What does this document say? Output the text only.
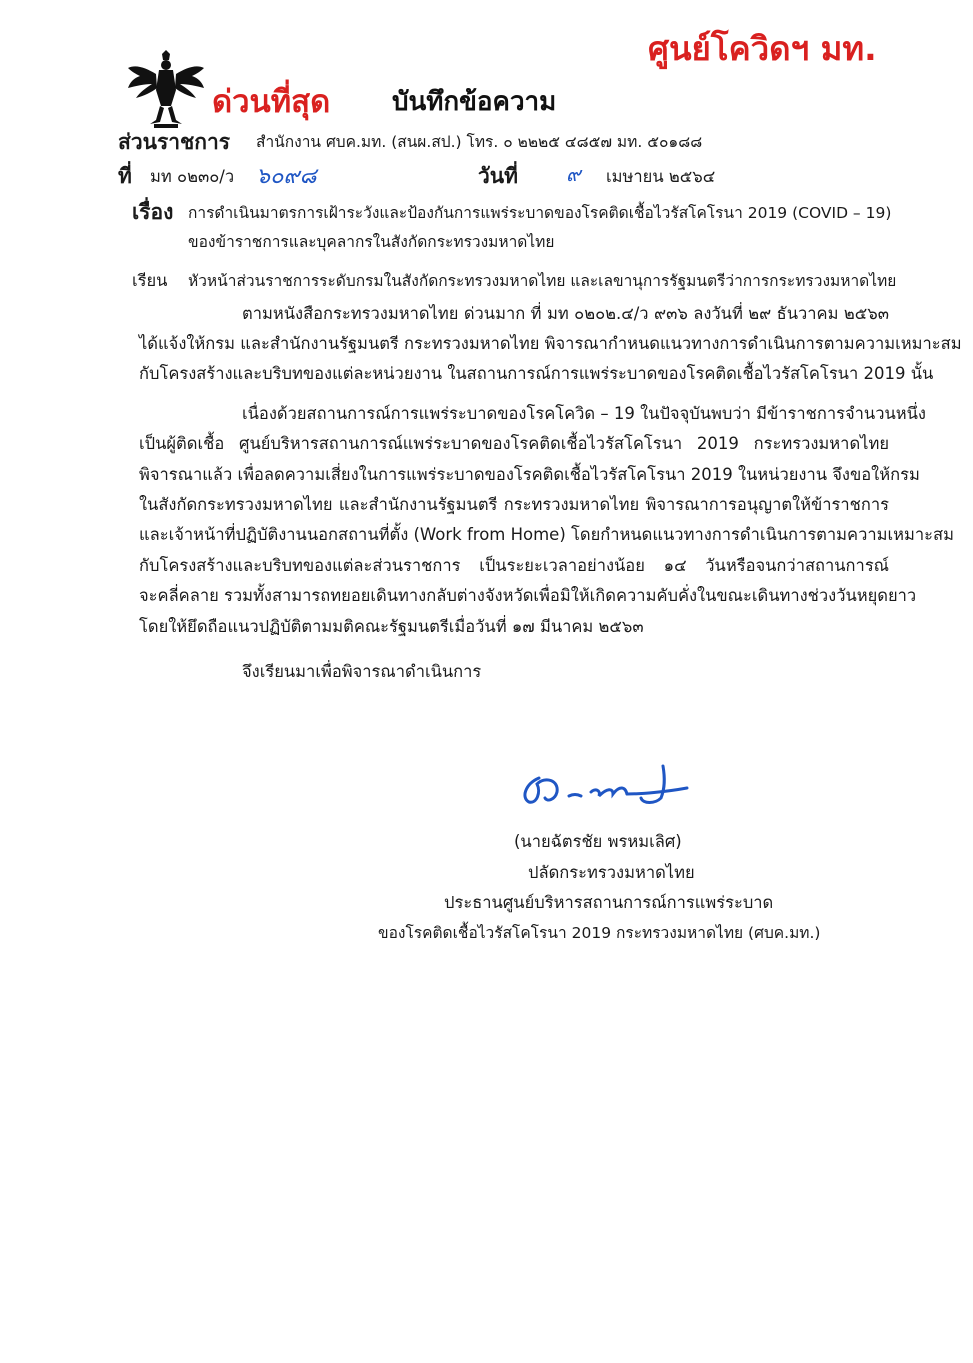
ศูนย์โควิดฯ มท.
ด่วนที่สุด บันทึกข้อความ
ส่วนราชการ สำนักงาน ศบค.มท. (สนผ.สป.) โทร. ๐ ๒๒๒๕ ๔๘๕๗ มท. ๕๐๑๘๘
ที่ มท ๐๒๓๐/ว ๖๐๙๘	วันที่ ๙ เมษายน ๒๕๖๔
เรื่อง การดำเนินมาตรการเฝ้าระวังและป้องกันการแพร่ระบาดของโรคติดเชื้อไวรัสโคโรนา 2019 (COVID – 19)
ของข้าราชการและบุคลากรในสังกัดกระทรวงมหาดไทย
เรียน หัวหน้าส่วนราชการระดับกรมในสังกัดกระทรวงมหาดไทย และเลขานุการรัฐมนตรีว่าการกระทรวงมหาดไทย
ตามหนังสือกระทรวงมหาดไทย ด่วนมาก ที่ มท ๐๒๐๒.๔/ว ๙๓๖ ลงวันที่ ๒๙ ธันวาคม ๒๕๖๓
ได้แจ้งให้กรม และสำนักงานรัฐมนตรี กระทรวงมหาดไทย พิจารณากำหนดแนวทางการดำเนินการตามความเหมาะสม
กับโครงสร้างและบริบทของแต่ละหน่วยงาน ในสถานการณ์การแพร่ระบาดของโรคติดเชื้อไวรัสโคโรนา 2019 นั้น
เนื่องด้วยสถานการณ์การแพร่ระบาดของโรคโควิด – 19 ในปัจจุบันพบว่า มีข้าราชการจำนวนหนึ่ง
เป็นผู้ติดเชื้อ ศูนย์บริหารสถานการณ์แพร่ระบาดของโรคติดเชื้อไวรัสโคโรนา 2019 กระทรวงมหาดไทย
พิจารณาแล้ว เพื่อลดความเสี่ยงในการแพร่ระบาดของโรคติดเชื้อไวรัสโคโรนา 2019 ในหน่วยงาน จึงขอให้กรม
ในสังกัดกระทรวงมหาดไทย และสำนักงานรัฐมนตรี กระทรวงมหาดไทย พิจารณาการอนุญาตให้ข้าราชการ
และเจ้าหน้าที่ปฏิบัติงานนอกสถานที่ตั้ง (Work from Home) โดยกำหนดแนวทางการดำเนินการตามความเหมาะสม
กับโครงสร้างและบริบทของแต่ละส่วนราชการ เป็นระยะเวลาอย่างน้อย ๑๔ วันหรือจนกว่าสถานการณ์
จะคลี่คลาย รวมทั้งสามารถทยอยเดินทางกลับต่างจังหวัดเพื่อมิให้เกิดความคับคั่งในขณะเดินทางช่วงวันหยุดยาว
โดยให้ยึดถือแนวปฏิบัติตามมติคณะรัฐมนตรีเมื่อวันที่ ๑๗ มีนาคม ๒๕๖๓
จึงเรียนมาเพื่อพิจารณาดำเนินการ
(นายฉัตรชัย พรหมเลิศ)
ปลัดกระทรวงมหาดไทย
ประธานศูนย์บริหารสถานการณ์การแพร่ระบาด
ของโรคติดเชื้อไวรัสโคโรนา 2019 กระทรวงมหาดไทย (ศบค.มท.)
